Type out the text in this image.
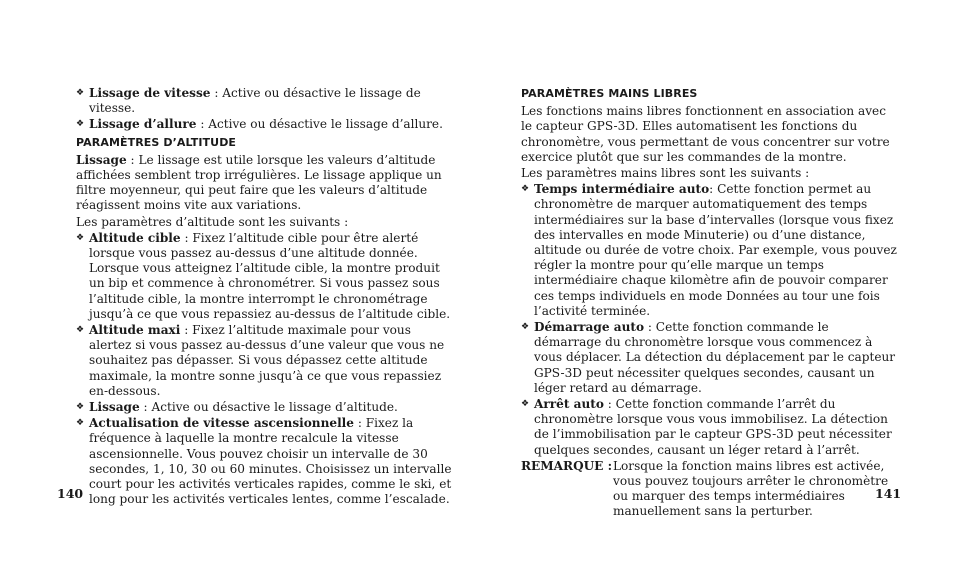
❖ Lissage de vitesse : Active ou désactive le lissage de vitesse.
❖ Lissage d’allure : Active ou désactive le lissage d’allure.
PARAMÈTRES D’ALTITUDE
Lissage : Le lissage est utile lorsque les valeurs d’altitude affichées semblent trop irrégulières. Le lissage applique un filtre moyenneur, qui peut faire que les valeurs d’altitude réagissent moins vite aux variations.
Les paramètres d’altitude sont les suivants :
❖ Altitude cible : Fixez l’altitude cible pour être alerté lorsque vous passez au-dessus d’une altitude donnée. Lorsque vous atteignez l’altitude cible, la montre produit un bip et commence à chronométrer. Si vous passez sous l’altitude cible, la montre interrompt le chronométrage jusqu’à ce que vous repassiez au-dessus de l’altitude cible.
❖ Altitude maxi : Fixez l’altitude maximale pour vous alertez si vous passez au-dessus d’une valeur que vous ne souhaitez pas dépasser. Si vous dépassez cette altitude maximale, la montre sonne jusqu’à ce que vous repassiez en-dessous.
❖ Lissage : Active ou désactive le lissage d’altitude.
❖ Actualisation de vitesse ascensionnelle : Fixez la fréquence à laquelle la montre recalcule la vitesse ascensionnelle. Vous pouvez choisir un intervalle de 30 secondes, 1, 10, 30 ou 60 minutes. Choisissez un intervalle court pour les activités verticales rapides, comme le ski, et long pour les activités verticales lentes, comme l’escalade.
PARAMÈTRES MAINS LIBRES
Les fonctions mains libres fonctionnent en association avec le capteur GPS-3D. Elles automatisent les fonctions du chronomètre, vous permettant de vous concentrer sur votre exercice plutôt que sur les commandes de la montre.
Les paramètres mains libres sont les suivants :
❖ Temps intermédiaire auto: Cette fonction permet au chronomètre de marquer automatiquement des temps intermédiaires sur la base d’intervalles (lorsque vous fixez des intervalles en mode Minuterie) ou d’une distance, altitude ou durée de votre choix. Par exemple, vous pouvez régler la montre pour qu’elle marque un temps intermédiaire chaque kilomètre afin de pouvoir comparer ces temps individuels en mode Données au tour une fois l’activité terminée.
❖ Démarrage auto : Cette fonction commande le démarrage du chronomètre lorsque vous commencez à vous déplacer. La détection du déplacement par le capteur GPS-3D peut nécessiter quelques secondes, causant un léger retard au démarrage.
❖ Arrêt auto : Cette fonction commande l’arrêt du chronomètre lorsque vous vous immobilisez. La détection de l’immobilisation par le capteur GPS-3D peut nécessiter quelques secondes, causant un léger retard à l’arrêt.
REMARQUE : Lorsque la fonction mains libres est activée, vous pouvez toujours arrêter le chronomètre ou marquer des temps intermédiaires manuellement sans la perturber.
140	141
